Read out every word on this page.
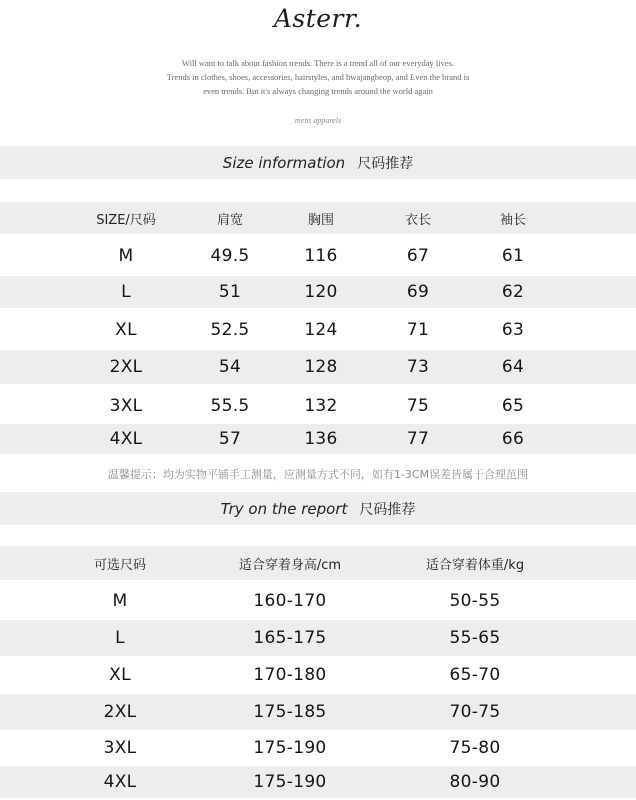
Asterr.
Will want to talk about fashion trends. There is a trend all of our everyday lives.
Trends in clothes, shoes, accessories, hairstyles, and hwajangbeop, and Even the brand is
even trends. But it's always changing trends around the world again
mens apparels
Size information 尺码推荐
SIZE/尺码	肩宽	胸围	衣长	袖长
M	49.5	116	67	61
L	51	120	69	62
XL	52.5	124	71	63
2XL	54	128	73	64
3XL	55.5	132	75	65
4XL	57	136	77	66
温馨提示：均为实物平铺手工测量，应测量方式不同，如有1-3CM误差皆属于合理范围
Try on the report 尺码推荐
可选尺码	适合穿着身高/cm	适合穿着体重/kg
M	160-170	50-55
L	165-175	55-65
XL	170-180	65-70
2XL	175-185	70-75
3XL	175-190	75-80
4XL	175-190	80-90
